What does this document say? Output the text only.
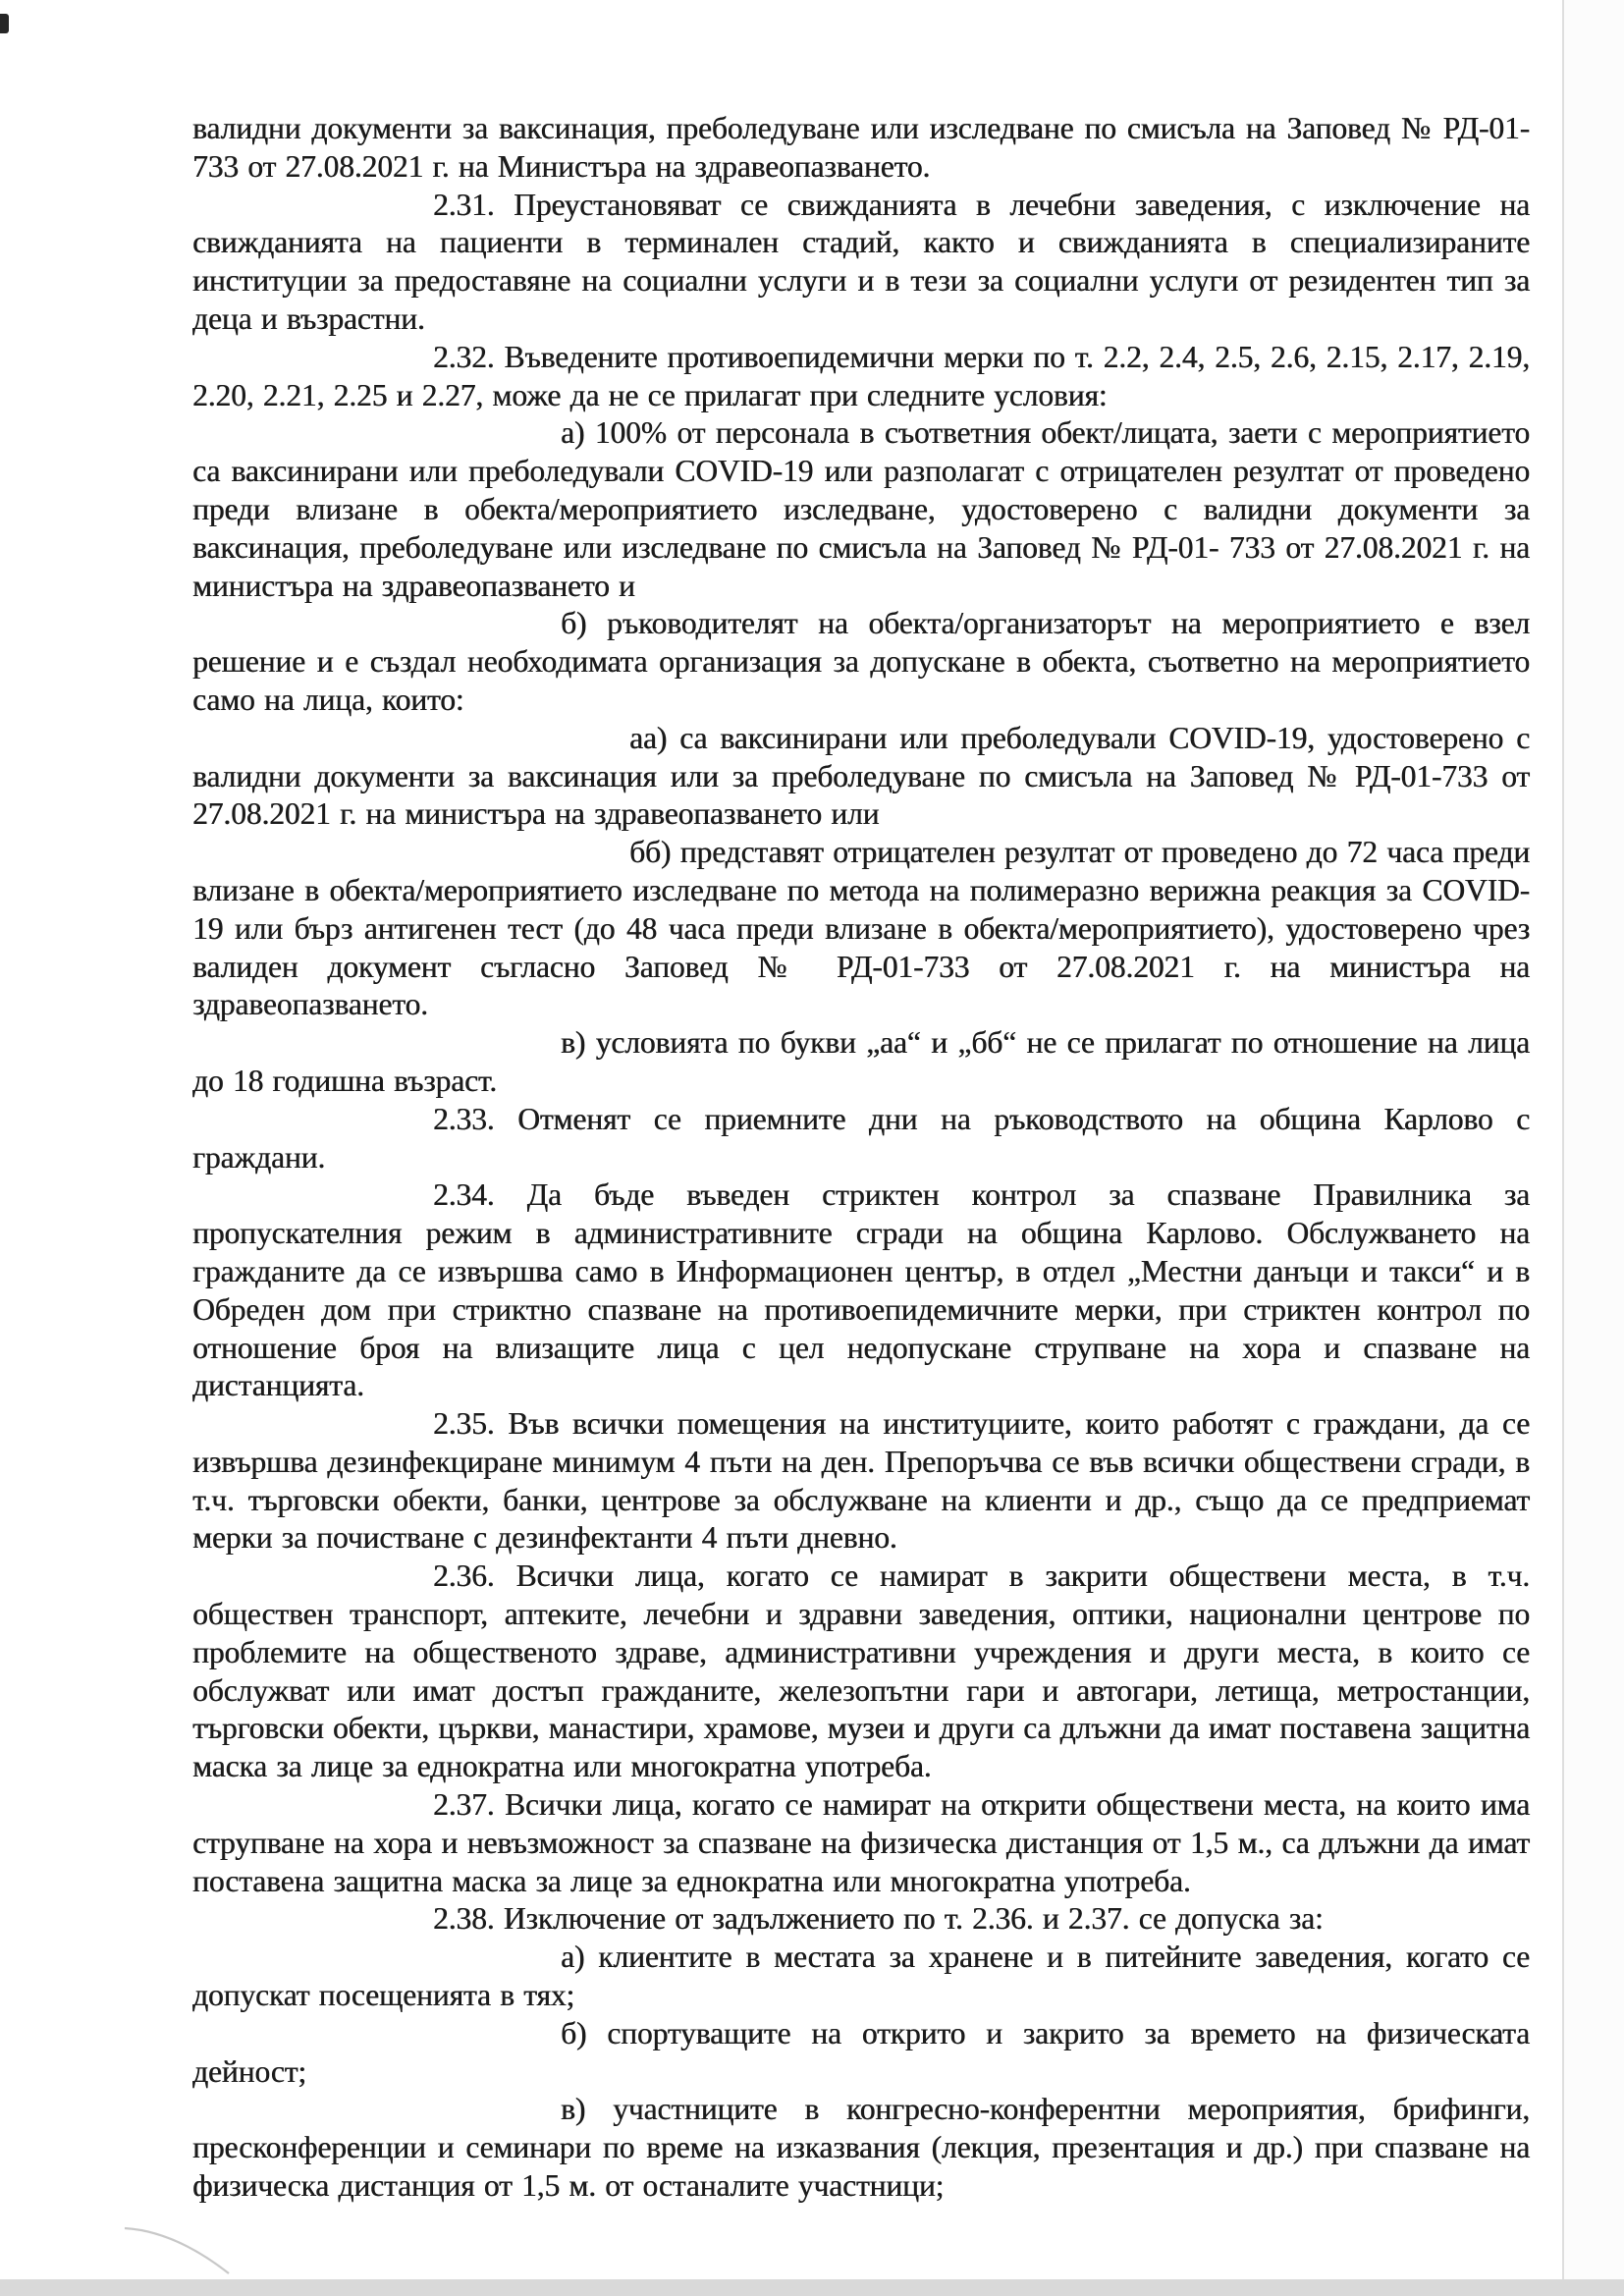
валидни документи за ваксинация, преболедуване или изследване по смисъла на Заповед № РД-01-733 от 27.08.2021 г. на Министъра на здравеопазването.

2.31. Преустановяват се свижданията в лечебни заведения, с изключение на свижданията на пациенти в терминален стадий, както и свижданията в специализираните институции за предоставяне на социални услуги и в тези за социални услуги от резидентен тип за деца и възрастни.

2.32. Въведените противоепидемични мерки по т. 2.2, 2.4, 2.5, 2.6, 2.15, 2.17, 2.19, 2.20, 2.21, 2.25 и 2.27, може да не се прилагат при следните условия:

а) 100% от персонала в съответния обект/лицата, заети с мероприятието са ваксинирани или преболедували COVID-19 или разполагат с отрицателен резултат от проведено преди влизане в обекта/мероприятието изследване, удостоверено с валидни документи за ваксинация, преболедуване или изследване по смисъла на Заповед № РД-01- 733 от 27.08.2021 г. на министъра на здравеопазването и

б) ръководителят на обекта/организаторът на мероприятието е взел решение и е създал необходимата организация за допускане в обекта, съответно на мероприятието само на лица, които:

аа) са ваксинирани или преболедували COVID-19, удостоверено с валидни документи за ваксинация или за преболедуване по смисъла на Заповед № РД-01-733 от 27.08.2021 г. на министъра на здравеопазването или

бб) представят отрицателен резултат от проведено до 72 часа преди влизане в обекта/мероприятието изследване по метода на полимеразно верижна реакция за COVID-19 или бърз антигенен тест (до 48 часа преди влизане в обекта/мероприятието), удостоверено чрез валиден документ съгласно Заповед № РД-01-733 от 27.08.2021 г. на министъра на здравеопазването.

в) условията по букви „аа“ и „бб“ не се прилагат по отношение на лица до 18 годишна възраст.

2.33. Отменят се приемните дни на ръководството на община Карлово с граждани.

2.34. Да бъде въведен стриктен контрол за спазване Правилника за пропускателния режим в административните сгради на община Карлово. Обслужването на гражданите да се извършва само в Информационен център, в отдел „Местни данъци и такси“ и в Обреден дом при стриктно спазване на противоепидемичните мерки, при стриктен контрол по отношение броя на влизащите лица с цел недопускане струпване на хора и спазване на дистанцията.

2.35. Във всички помещения на институциите, които работят с граждани, да се извършва дезинфекциране минимум 4 пъти на ден. Препоръчва се във всички обществени сгради, в т.ч. търговски обекти, банки, центрове за обслужване на клиенти и др., също да се предприемат мерки за почистване с дезинфектанти 4 пъти дневно.

2.36. Всички лица, когато се намират в закрити обществени места, в т.ч. обществен транспорт, аптеките, лечебни и здравни заведения, оптики, национални центрове по проблемите на общественото здраве, административни учреждения и други места, в които се обслужват или имат достъп гражданите, железопътни гари и автогари, летища, метростанции, търговски обекти, църкви, манастири, храмове, музеи и други са длъжни да имат поставена защитна маска за лице за еднократна или многократна употреба.

2.37. Всички лица, когато се намират на открити обществени места, на които има струпване на хора и невъзможност за спазване на физическа дистанция от 1,5 м., са длъжни да имат поставена защитна маска за лице за еднократна или многократна употреба.

2.38. Изключение от задължението по т. 2.36. и 2.37. се допуска за:

а) клиентите в местата за хранене и в питейните заведения, когато се допускат посещенията в тях;

б) спортуващите на открито и закрито за времето на физическата дейност;

в) участниците в конгресно-конферентни мероприятия, брифинги, пресконференции и семинари по време на изказвания (лекция, презентация и др.) при спазване на физическа дистанция от 1,5 м. от останалите участници;
